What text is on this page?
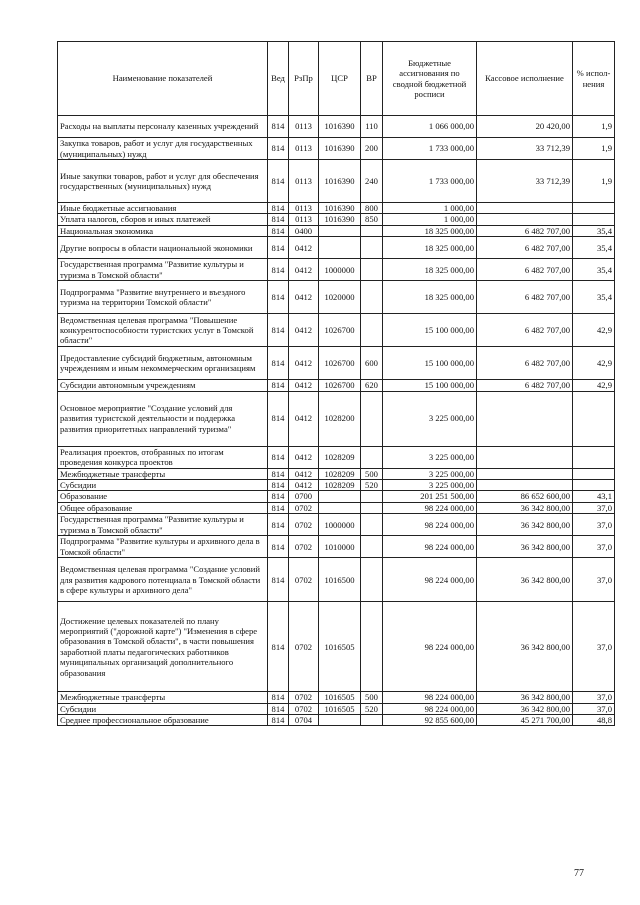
Наименование показателей	Вед	РзПр	ЦСР	ВР	Бюджетные ассигнования по сводной бюджетной росписи	Кассовое исполнение	% испол-нения
Расходы на выплаты персоналу казенных учреждений	814	0113	1016390	110	1 066 000,00	20 420,00	1,9
Закупка товаров, работ и услуг для государственных (муниципальных) нужд	814	0113	1016390	200	1 733 000,00	33 712,39	1,9
Иные закупки товаров, работ и услуг для обеспечения государственных (муниципальных) нужд	814	0113	1016390	240	1 733 000,00	33 712,39	1,9
Иные бюджетные ассигнования	814	0113	1016390	800	1 000,00		
Уплата налогов, сборов и иных платежей	814	0113	1016390	850	1 000,00		
Национальная экономика	814	0400			18 325 000,00	6 482 707,00	35,4
Другие вопросы в области национальной экономики	814	0412			18 325 000,00	6 482 707,00	35,4
Государственная программа "Развитие культуры и туризма в Томской области"	814	0412	1000000		18 325 000,00	6 482 707,00	35,4
Подпрограмма "Развитие внутреннего и въездного туризма на территории Томской области"	814	0412	1020000		18 325 000,00	6 482 707,00	35,4
Ведомственная целевая программа "Повышение конкурентоспособности туристских услуг в Томской области"	814	0412	1026700		15 100 000,00	6 482 707,00	42,9
Предоставление субсидий бюджетным, автономным учреждениям и иным некоммерческим организациям	814	0412	1026700	600	15 100 000,00	6 482 707,00	42,9
Субсидии автономным учреждениям	814	0412	1026700	620	15 100 000,00	6 482 707,00	42,9
Основное мероприятие "Создание условий для развития туристской деятельности и поддержка развития приоритетных направлений туризма"	814	0412	1028200		3 225 000,00		
Реализация проектов, отобранных по итогам проведения конкурса проектов	814	0412	1028209		3 225 000,00		
Межбюджетные трансферты	814	0412	1028209	500	3 225 000,00		
Субсидии	814	0412	1028209	520	3 225 000,00		
Образование	814	0700			201 251 500,00	86 652 600,00	43,1
Общее образование	814	0702			98 224 000,00	36 342 800,00	37,0
Государственная программа "Развитие культуры и туризма в Томской области"	814	0702	1000000		98 224 000,00	36 342 800,00	37,0
Подпрограмма "Развитие культуры и архивного дела в Томской области"	814	0702	1010000		98 224 000,00	36 342 800,00	37,0
Ведомственная целевая программа "Создание условий для развития кадрового потенциала в Томской области в сфере культуры и архивного дела"	814	0702	1016500		98 224 000,00	36 342 800,00	37,0
Достижение целевых показателей по плану мероприятий ("дорожной карте") "Изменения в сфере образования в Томской области", в части повышения заработной платы педагогических работников муниципальных организаций дополнительного образования	814	0702	1016505		98 224 000,00	36 342 800,00	37,0
Межбюджетные трансферты	814	0702	1016505	500	98 224 000,00	36 342 800,00	37,0
Субсидии	814	0702	1016505	520	98 224 000,00	36 342 800,00	37,0
Среднее профессиональное образование	814	0704			92 855 600,00	45 271 700,00	48,8
77
